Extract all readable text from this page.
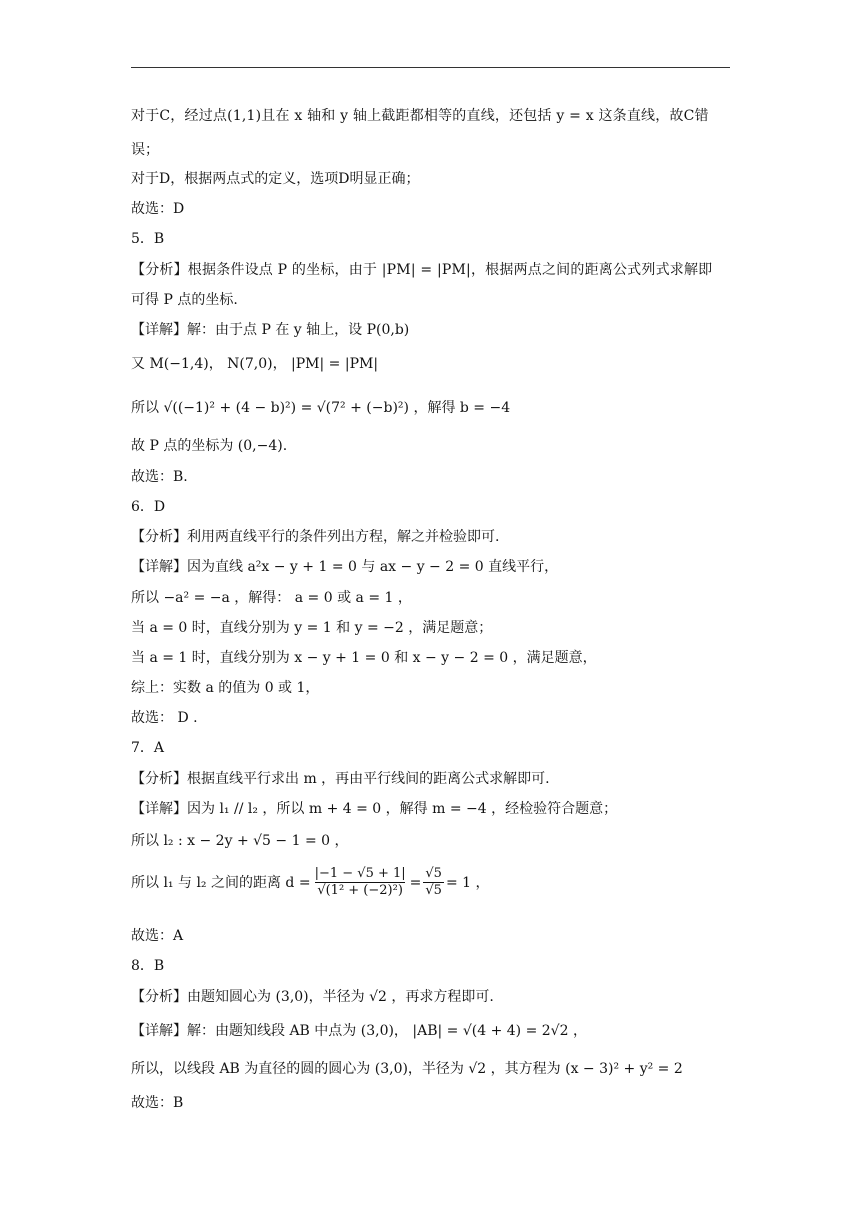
对于C，经过点(1,1)且在 x 轴和 y 轴上截距都相等的直线，还包括 y = x 这条直线，故C错
误；
对于D，根据两点式的定义，选项D明显正确；
故选：D
5．B
【分析】根据条件设点 P 的坐标，由于 |PM| = |PM|，根据两点之间的距离公式列式求解即
可得 P 点的坐标.
【详解】解：由于点 P 在 y 轴上，设 P(0,b)
又 M(−1,4)， N(7,0)， |PM| = |PM|
所以 √((−1)² + (4 − b)²) = √(7² + (−b)²) ，解得 b = −4
故 P 点的坐标为 (0,−4).
故选：B.
6．D
【分析】利用两直线平行的条件列出方程，解之并检验即可.
【详解】因为直线 a²x − y + 1 = 0 与 ax − y − 2 = 0 直线平行，
所以 −a² = −a ，解得： a = 0 或 a = 1 ，
当 a = 0 时，直线分别为 y = 1 和 y = −2 ，满足题意；
当 a = 1 时，直线分别为 x − y + 1 = 0 和 x − y − 2 = 0 ，满足题意，
综上：实数 a 的值为 0 或 1，
故选： D .
7．A
【分析】根据直线平行求出 m ，再由平行线间的距离公式求解即可.
【详解】因为 l₁ // l₂ ，所以 m + 4 = 0 ，解得 m = −4 ，经检验符合题意；
所以 l₂ : x − 2y + √5 − 1 = 0 ，
所以 l₁ 与 l₂ 之间的距离 $d = \frac{|-1 - √5 + 1|}{\text{√(1² + (−2)²)}} = \frac{√5}{√5} = 1$ ，
故选：A
8．B
【分析】由题知圆心为 (3,0)，半径为 √2 ，再求方程即可.
【详解】解：由题知线段 AB 中点为 (3,0)， |AB| = √(4 + 4) = 2√2 ，
所以，以线段 AB 为直径的圆的圆心为 (3,0)，半径为 √2 ，其方程为 (x − 3)² + y² = 2
故选：B
